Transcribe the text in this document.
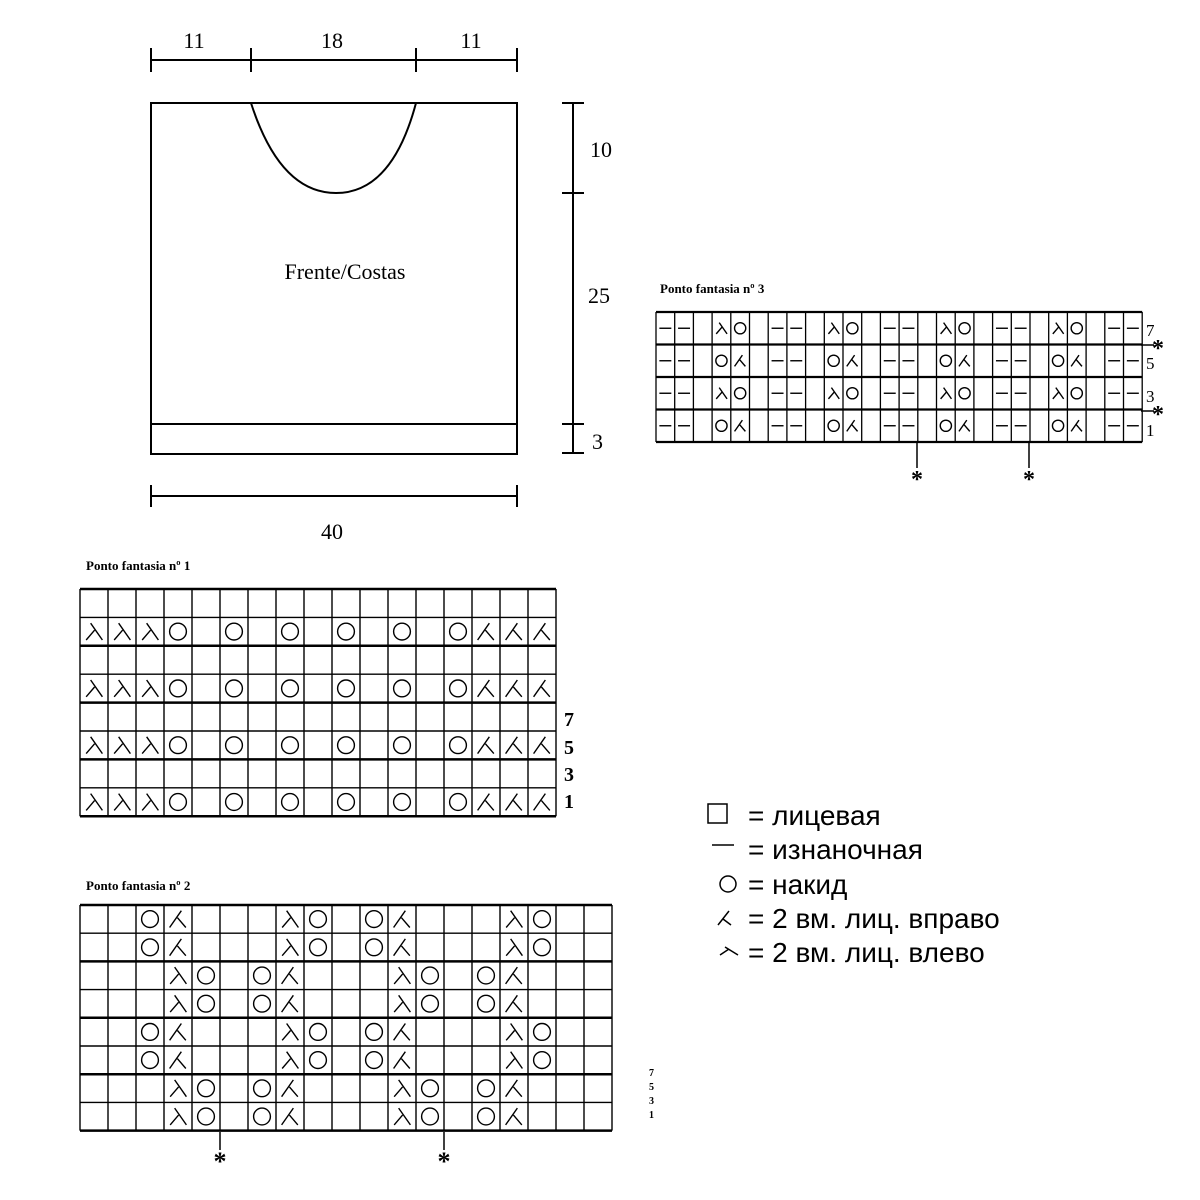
11	18	11
10
25
3
40
Frente/Costas
Ponto fantasia nº 3
Ponto fantasia nº 1
Ponto fantasia nº 2
7
5
3
1
*	*
7
5
3
1
*	*
*
*
7
5
3
1
= лицевая
= изнаночная
= накид
= 2 вм. лиц. вправо
= 2 вм. лиц. влево
